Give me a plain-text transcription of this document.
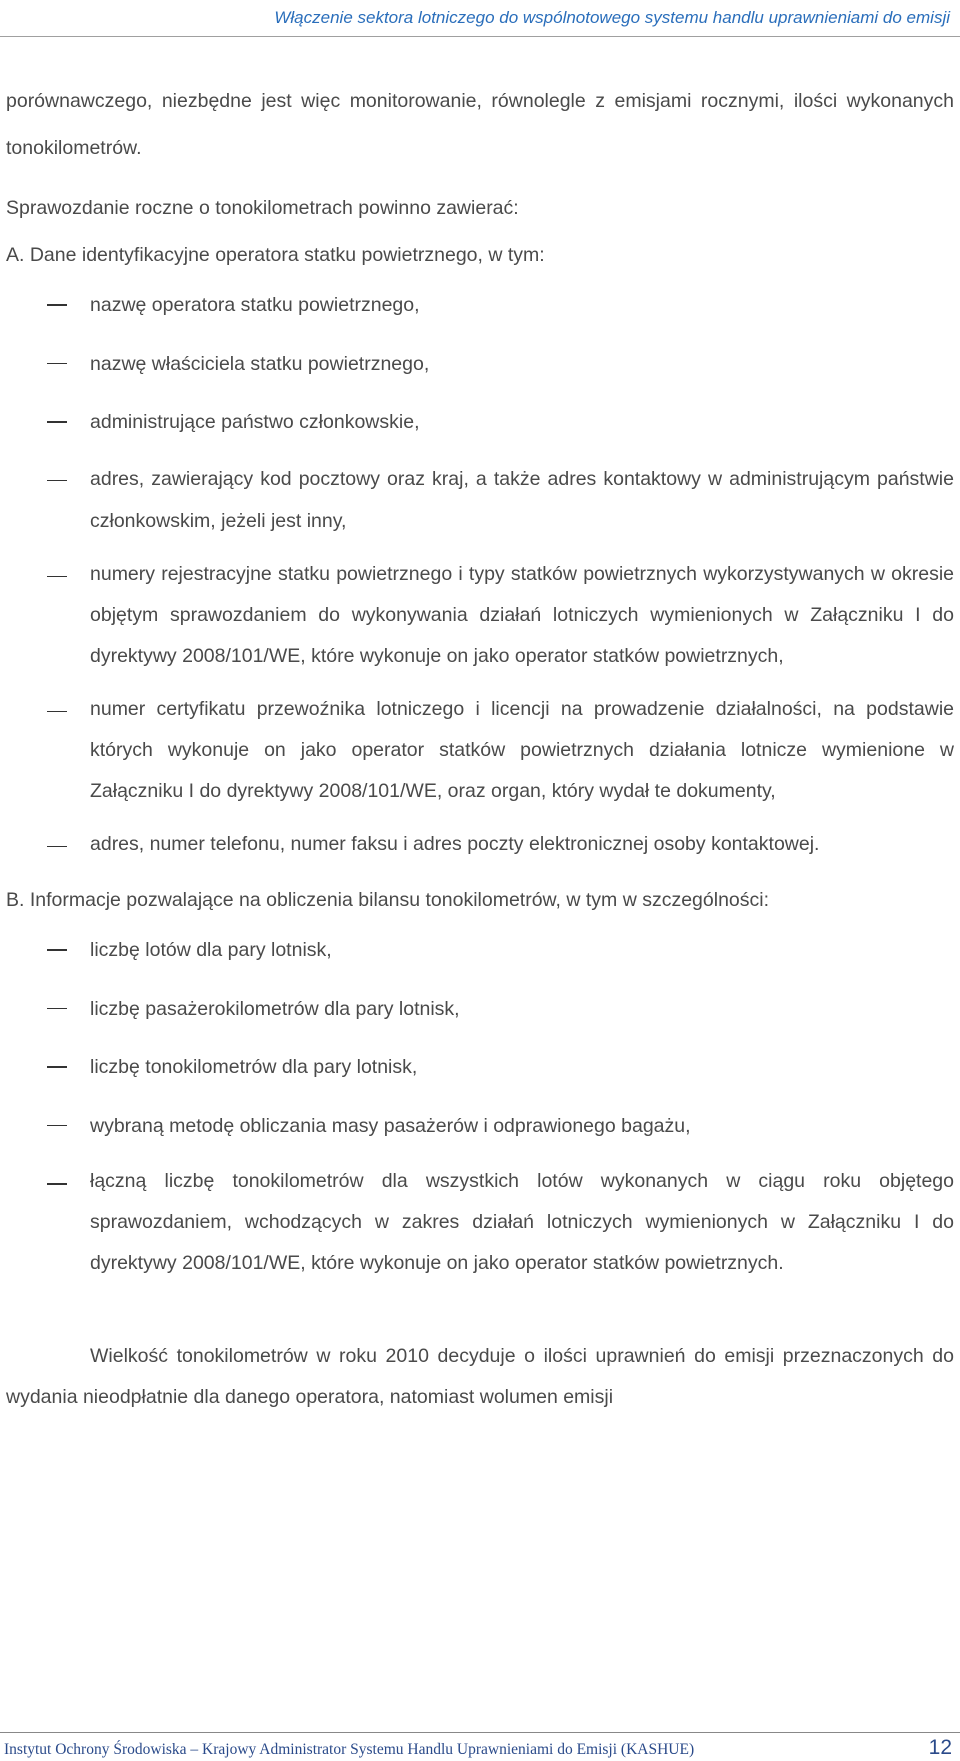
Włączenie sektora lotniczego do wspólnotowego systemu handlu uprawnieniami do emisji

porównawczego, niezbędne jest więc monitorowanie, równolegle z emisjami rocznymi, ilości wykonanych tonokilometrów.

Sprawozdanie roczne o tonokilometrach powinno zawierać:

A. Dane identyfikacyjne operatora statku powietrznego, w tym:

nazwę operatora statku powietrznego,
nazwę właściciela statku powietrznego,
administrujące państwo członkowskie,
adres, zawierający kod pocztowy oraz kraj, a także adres kontaktowy w administrującym państwie członkowskim, jeżeli jest inny,
numery rejestracyjne statku powietrznego i typy statków powietrznych wykorzystywanych w okresie objętym sprawozdaniem do wykonywania działań lotniczych wymienionych w Załączniku I do dyrektywy 2008/101/WE, które wykonuje on jako operator statków powietrznych,
numer certyfikatu przewoźnika lotniczego i licencji na prowadzenie działalności, na podstawie których wykonuje on jako operator statków powietrznych działania lotnicze wymienione w Załączniku I do dyrektywy 2008/101/WE, oraz organ, który wydał te dokumenty,
adres, numer telefonu, numer faksu i adres poczty elektronicznej osoby kontaktowej.

B. Informacje pozwalające na obliczenia bilansu tonokilometrów, w tym w szczególności:

liczbę lotów dla pary lotnisk,
liczbę pasażerokilometrów dla pary lotnisk,
liczbę tonokilometrów dla pary lotnisk,
wybraną metodę obliczania masy pasażerów i odprawionego bagażu,
łączną liczbę tonokilometrów dla wszystkich lotów wykonanych w ciągu roku objętego sprawozdaniem, wchodzących w zakres działań lotniczych wymienionych w Załączniku I do dyrektywy 2008/101/WE, które wykonuje on jako operator statków powietrznych.

Wielkość tonokilometrów w roku 2010 decyduje o ilości uprawnień do emisji przeznaczonych do wydania nieodpłatnie dla danego operatora, natomiast wolumen emisji

Instytut Ochrony Środowiska – Krajowy Administrator Systemu Handlu Uprawnieniami do Emisji (KASHUE)	12
